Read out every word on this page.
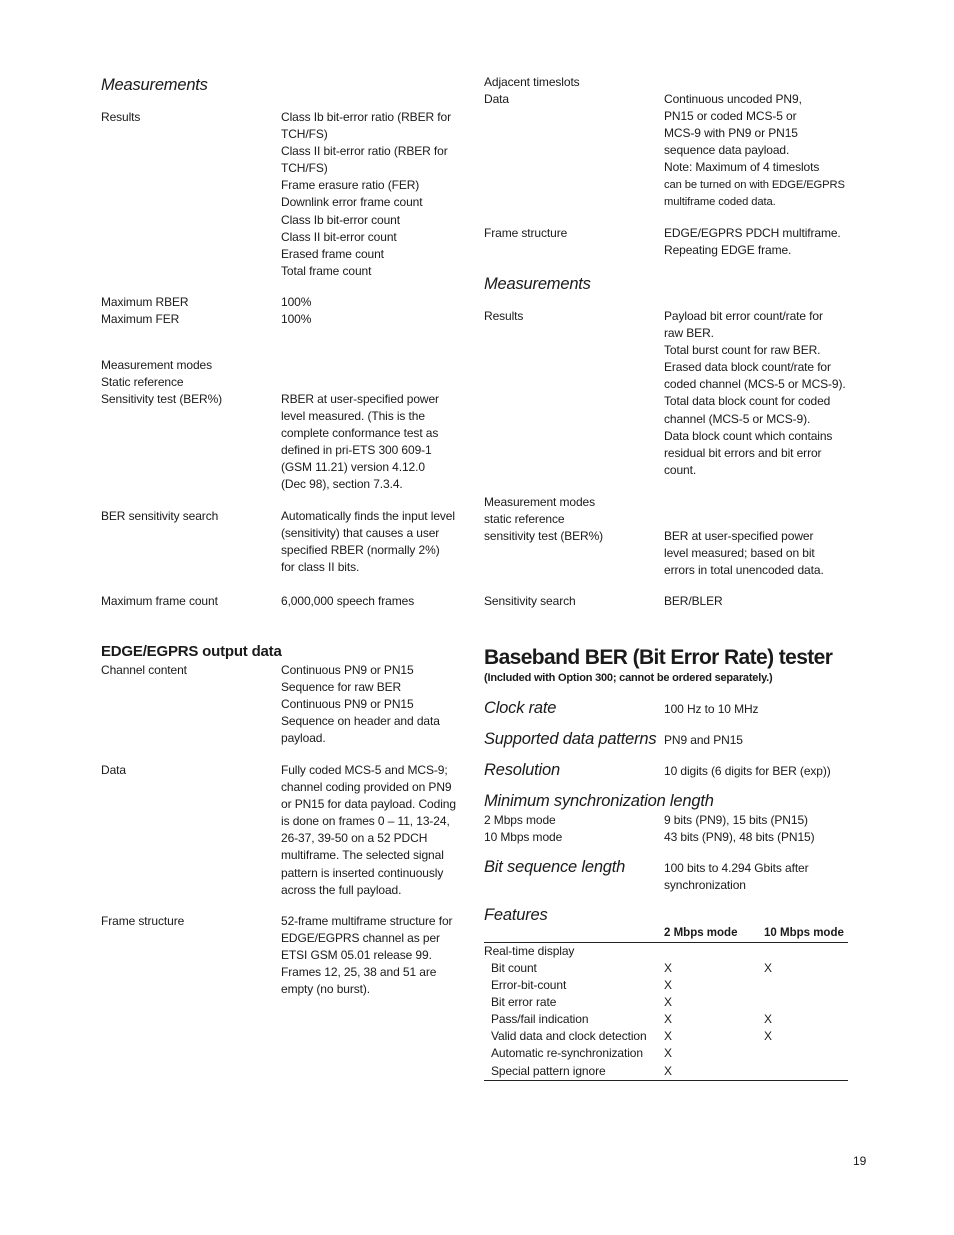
Measurements
Results	Class Ib bit-error ratio (RBER for
TCH/FS)
Class II bit-error ratio (RBER for
TCH/FS)
Frame erasure ratio (FER)
Downlink error frame count
Class Ib bit-error count
Class II bit-error count
Erased frame count
Total frame count
Maximum RBER	100%
Maximum FER	100%
Measurement modes
Static reference
Sensitivity test (BER%)	RBER at user-specified power
level measured. (This is the
complete conformance test as
defined in pri-ETS 300 609-1
(GSM 11.21) version 4.12.0
(Dec 98), section 7.3.4.
BER sensitivity search	Automatically finds the input level
(sensitivity) that causes a user
specified RBER (normally 2%)
for class II bits.
Maximum frame count	6,000,000 speech frames
EDGE/EGPRS output data
Channel content	Continuous PN9 or PN15
Sequence for raw BER
Continuous PN9 or PN15
Sequence on header and data
payload.
Data	Fully coded MCS-5 and MCS-9;
channel coding provided on PN9
or PN15 for data payload. Coding
is done on frames 0 – 11, 13-24,
26-37, 39-50 on a 52 PDCH
multiframe. The selected signal
pattern is inserted continuously
across the full payload.
Frame structure	52-frame multiframe structure for
EDGE/EGPRS channel as per
ETSI GSM 05.01 release 99.
Frames 12, 25, 38 and 51 are
empty (no burst).
Adjacent timeslots
Data	Continuous uncoded PN9,
PN15 or coded MCS-5 or
MCS-9 with PN9 or PN15
sequence data payload.
Note: Maximum of 4 timeslots
can be turned on with EDGE/EGPRS
multiframe coded data.
Frame structure	EDGE/EGPRS PDCH multiframe.
Repeating EDGE frame.
Measurements
Results	Payload bit error count/rate for
raw BER.
Total burst count for raw BER.
Erased data block count/rate for
coded channel (MCS-5 or MCS-9).
Total data block count for coded
channel (MCS-5 or MCS-9).
Data block count which contains
residual bit errors and bit error
count.
Measurement modes
static reference
sensitivity test (BER%)	BER at user-specified power
level measured; based on bit
errors in total unencoded data.
Sensitivity search	BER/BLER
Baseband BER (Bit Error Rate) tester
(Included with Option 300; cannot be ordered separately.)
Clock rate	100 Hz to 10 MHz
Supported data patterns PN9 and PN15
Resolution	10 digits (6 digits for BER (exp))
Minimum synchronization length
2 Mbps mode	9 bits (PN9), 15 bits (PN15)
10 Mbps mode	43 bits (PN9), 48 bits (PN15)
Bit sequence length	100 bits to 4.294 Gbits after
synchronization
Features
2 Mbps mode 10 Mbps mode
Real-time display
Bit count	X	X
Error-bit-count	X
Bit error rate	X
Pass/fail indication	X	X
Valid data and clock detection X	X
Automatic re-synchronization X
Special pattern ignore	X
19
